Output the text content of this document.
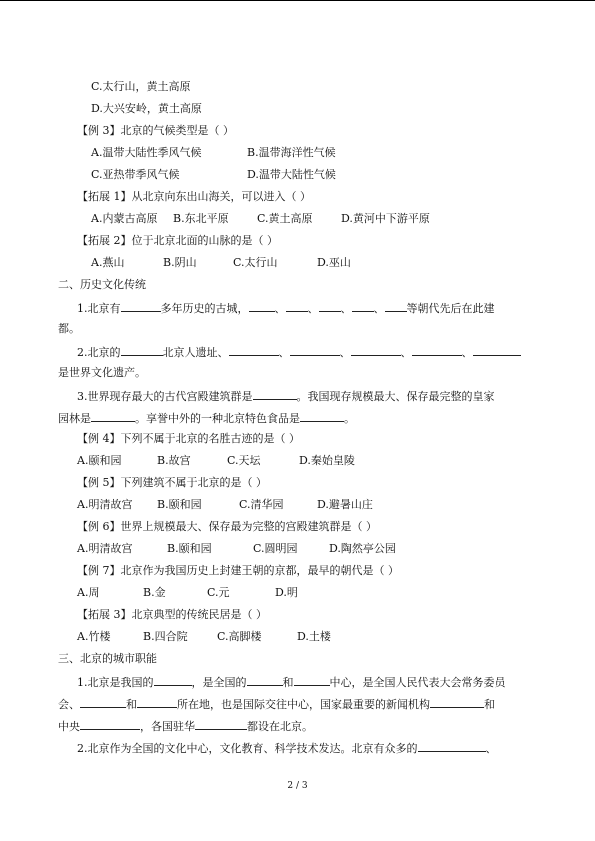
C.太行山，黄土高原
D.大兴安岭，黄土高原
【例 3】北京的气候类型是（ ）
A.温带大陆性季风气候	B.温带海洋性气候
C.亚热带季风气候	D.温带大陆性气候
【拓展 1】从北京向东出山海关，可以进入（ ）
A.内蒙古高原 B.东北平原	C.黄土高原	D.黄河中下游平原
【拓展 2】位于北京北面的山脉的是（ ）
A.燕山	B.阴山	C.太行山	D.巫山
二、历史文化传统
1.北京有	多年历史的古城， 、 、 、 、 等朝代先后在此建
都。
2.北京的	北京人遗址、	、	、	、	、
是世界文化遗产。
3.世界现存最大的古代宫殿建筑群是	。我国现存规模最大、保存最完整的皇家
园林是	。享誉中外的一种北京特色食品是	。
【例 4】下列不属于北京的名胜古迹的是（ ）
A.颐和园	B.故宫	C.天坛	D.秦始皇陵
【例 5】下列建筑不属于北京的是（ ）
A.明清故宫 B.颐和园	C.清华园	D.避暑山庄
【例 6】世界上规模最大、保存最为完整的宫殿建筑群是（ ）
A.明清故宫	B.颐和园	C.圆明园	D.陶然亭公园
【例 7】北京作为我国历史上封建王朝的京都，最早的朝代是（ ）
A.周	B.金	C.元	D.明
【拓展 3】北京典型的传统民居是（ ）
A.竹楼	B.四合院	C.高脚楼	D.土楼
三、北京的城市职能
1.北京是我国的	，是全国的	和	中心，是全国人民代表大会常务委员
会、	和	所在地，也是国际交往中心，国家最重要的新闻机构	和
中央	，各国驻华	都设在北京。
2.北京作为全国的文化中心，文化教育、科学技术发达。北京有众多的	、
2 / 3
